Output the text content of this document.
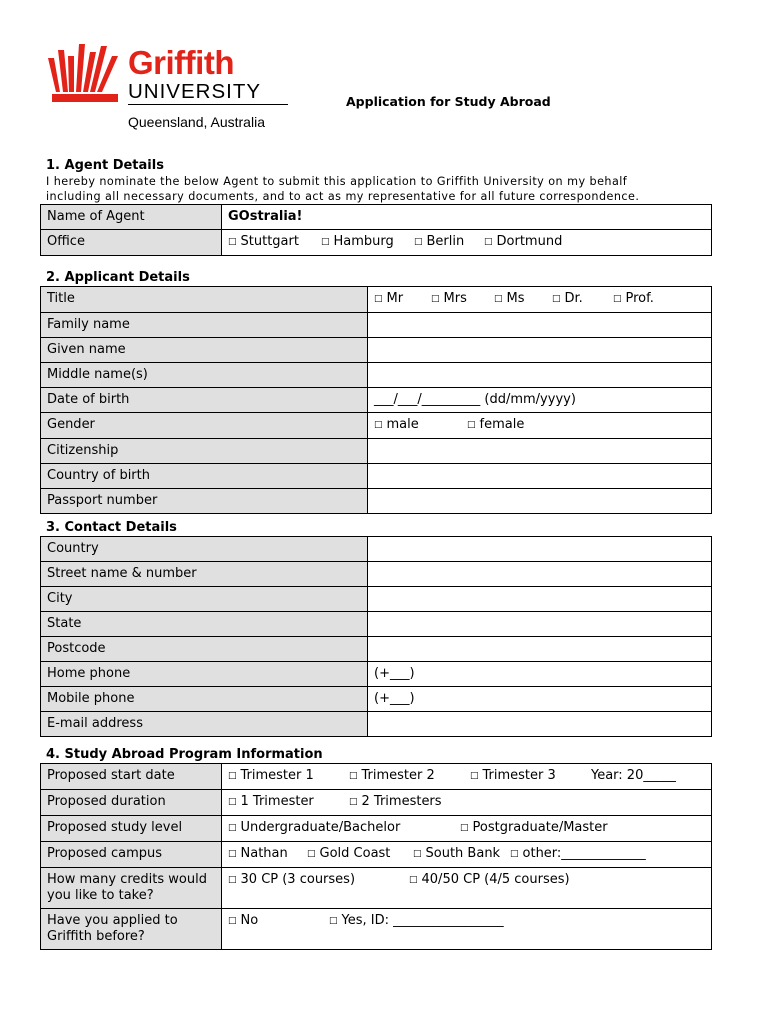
Griffith
UNIVERSITY
Queensland, Australia
Application for Study Abroad
1. Agent Details
I hereby nominate the below Agent to submit this application to Griffith University on my behalf
including all necessary documents, and to act as my representative for all future correspondence.
Name of Agent	GOstralia!
Office	□ Stuttgart □ Hamburg □ Berlin □ Dortmund
2. Applicant Details
Title	□ Mr □ Mrs □ Ms □ Dr. □ Prof.
Family name	
Given name	
Middle name(s)	
Date of birth	___/___/_________ (dd/mm/yyyy)
Gender	□ male □ female
Citizenship	
Country of birth	
Passport number	
3. Contact Details
Country	
Street name & number	
City	
State	
Postcode	
Home phone	(+___)
Mobile phone	(+___)
E-mail address	
4. Study Abroad Program Information
Proposed start date	□ Trimester 1 □ Trimester 2 □ Trimester 3 Year: 20_____
Proposed duration	□ 1 Trimester □ 2 Trimesters
Proposed study level	□ Undergraduate/Bachelor □ Postgraduate/Master
Proposed campus	□ Nathan □ Gold Coast □ South Bank □ other:_____________
How many credits would you like to take?	□ 30 CP (3 courses) □ 40/50 CP (4/5 courses)
Have you applied to Griffith before?	□ No □ Yes, ID: _________________
